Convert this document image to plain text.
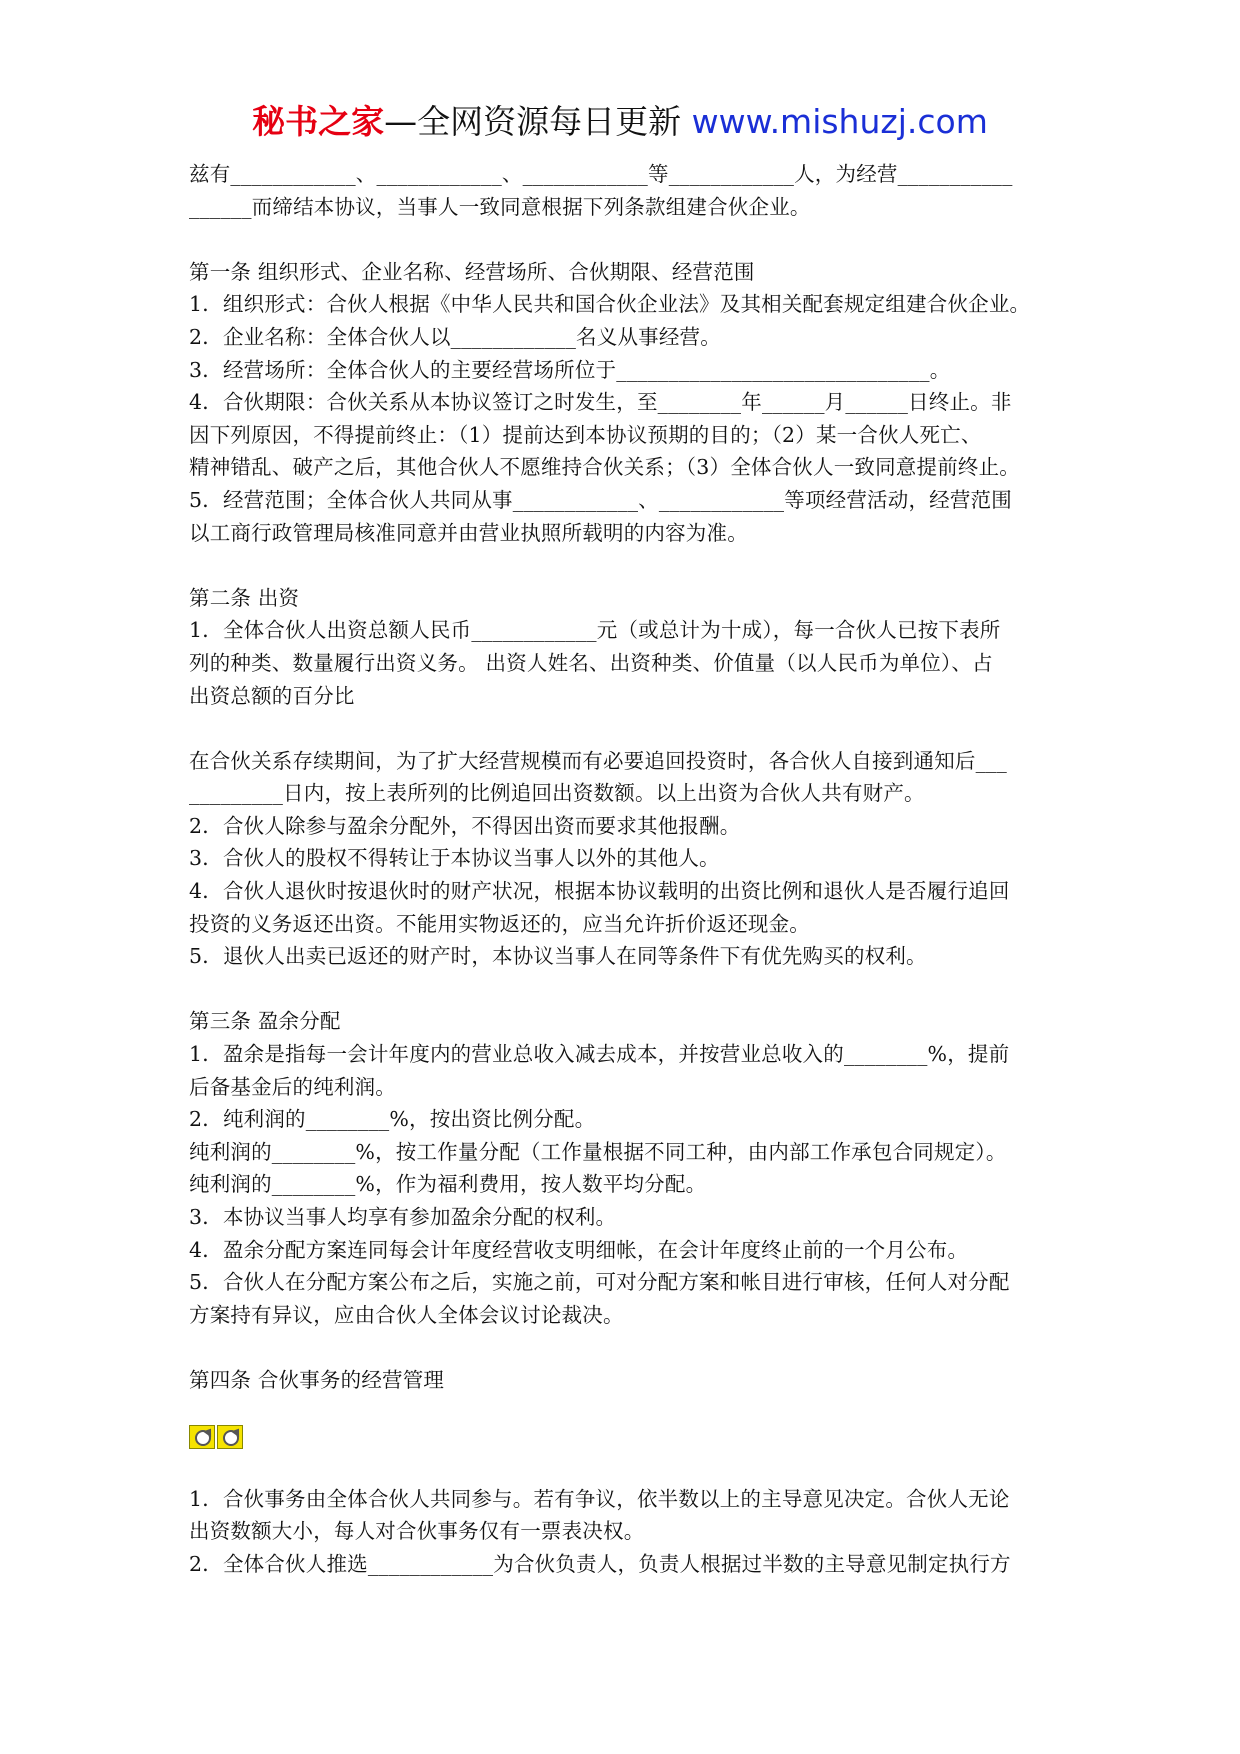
秘书之家—全网资源每日更新 www.mishuzj.com

兹有____________、____________、____________等____________人，为经营___________

______而缔结本协议，当事人一致同意根据下列条款组建合伙企业。

第一条 组织形式、企业名称、经营场所、合伙期限、经营范围

1．组织形式：合伙人根据《中华人民共和国合伙企业法》及其相关配套规定组建合伙企业。

2．企业名称：全体合伙人以____________名义从事经营。

3．经营场所：全体合伙人的主要经营场所位于______________________________。

4．合伙期限：合伙关系从本协议签订之时发生，至________年______月______日终止。非

因下列原因，不得提前终止：（1）提前达到本协议预期的目的；（2）某一合伙人死亡、

精神错乱、破产之后，其他合伙人不愿维持合伙关系；（3）全体合伙人一致同意提前终止。

5．经营范围；全体合伙人共同从事____________、____________等项经营活动，经营范围

以工商行政管理局核准同意并由营业执照所载明的内容为准。

第二条 出资

1．全体合伙人出资总额人民币____________元（或总计为十成），每一合伙人已按下表所

列的种类、数量履行出资义务。 出资人姓名、出资种类、价值量（以人民币为单位）、占

出资总额的百分比

在合伙关系存续期间，为了扩大经营规模而有必要追回投资时，各合伙人自接到通知后___

_________日内，按上表所列的比例追回出资数额。以上出资为合伙人共有财产。

2．合伙人除参与盈余分配外，不得因出资而要求其他报酬。

3．合伙人的股权不得转让于本协议当事人以外的其他人。

4．合伙人退伙时按退伙时的财产状况，根据本协议载明的出资比例和退伙人是否履行追回

投资的义务返还出资。不能用实物返还的，应当允许折价返还现金。

5．退伙人出卖已返还的财产时，本协议当事人在同等条件下有优先购买的权利。

第三条 盈余分配

1．盈余是指每一会计年度内的营业总收入减去成本，并按营业总收入的________%，提前

后备基金后的纯利润。

2．纯利润的________%，按出资比例分配。

纯利润的________%，按工作量分配（工作量根据不同工种，由内部工作承包合同规定）。

纯利润的________%，作为福利费用，按人数平均分配。

3．本协议当事人均享有参加盈余分配的权利。

4．盈余分配方案连同每会计年度经营收支明细帐，在会计年度终止前的一个月公布。

5．合伙人在分配方案公布之后，实施之前，可对分配方案和帐目进行审核，任何人对分配

方案持有异议，应由合伙人全体会议讨论裁决。

第四条 合伙事务的经营管理

1．合伙事务由全体合伙人共同参与。若有争议，依半数以上的主导意见决定。合伙人无论

出资数额大小，每人对合伙事务仅有一票表决权。

2．全体合伙人推选____________为合伙负责人，负责人根据过半数的主导意见制定执行方
